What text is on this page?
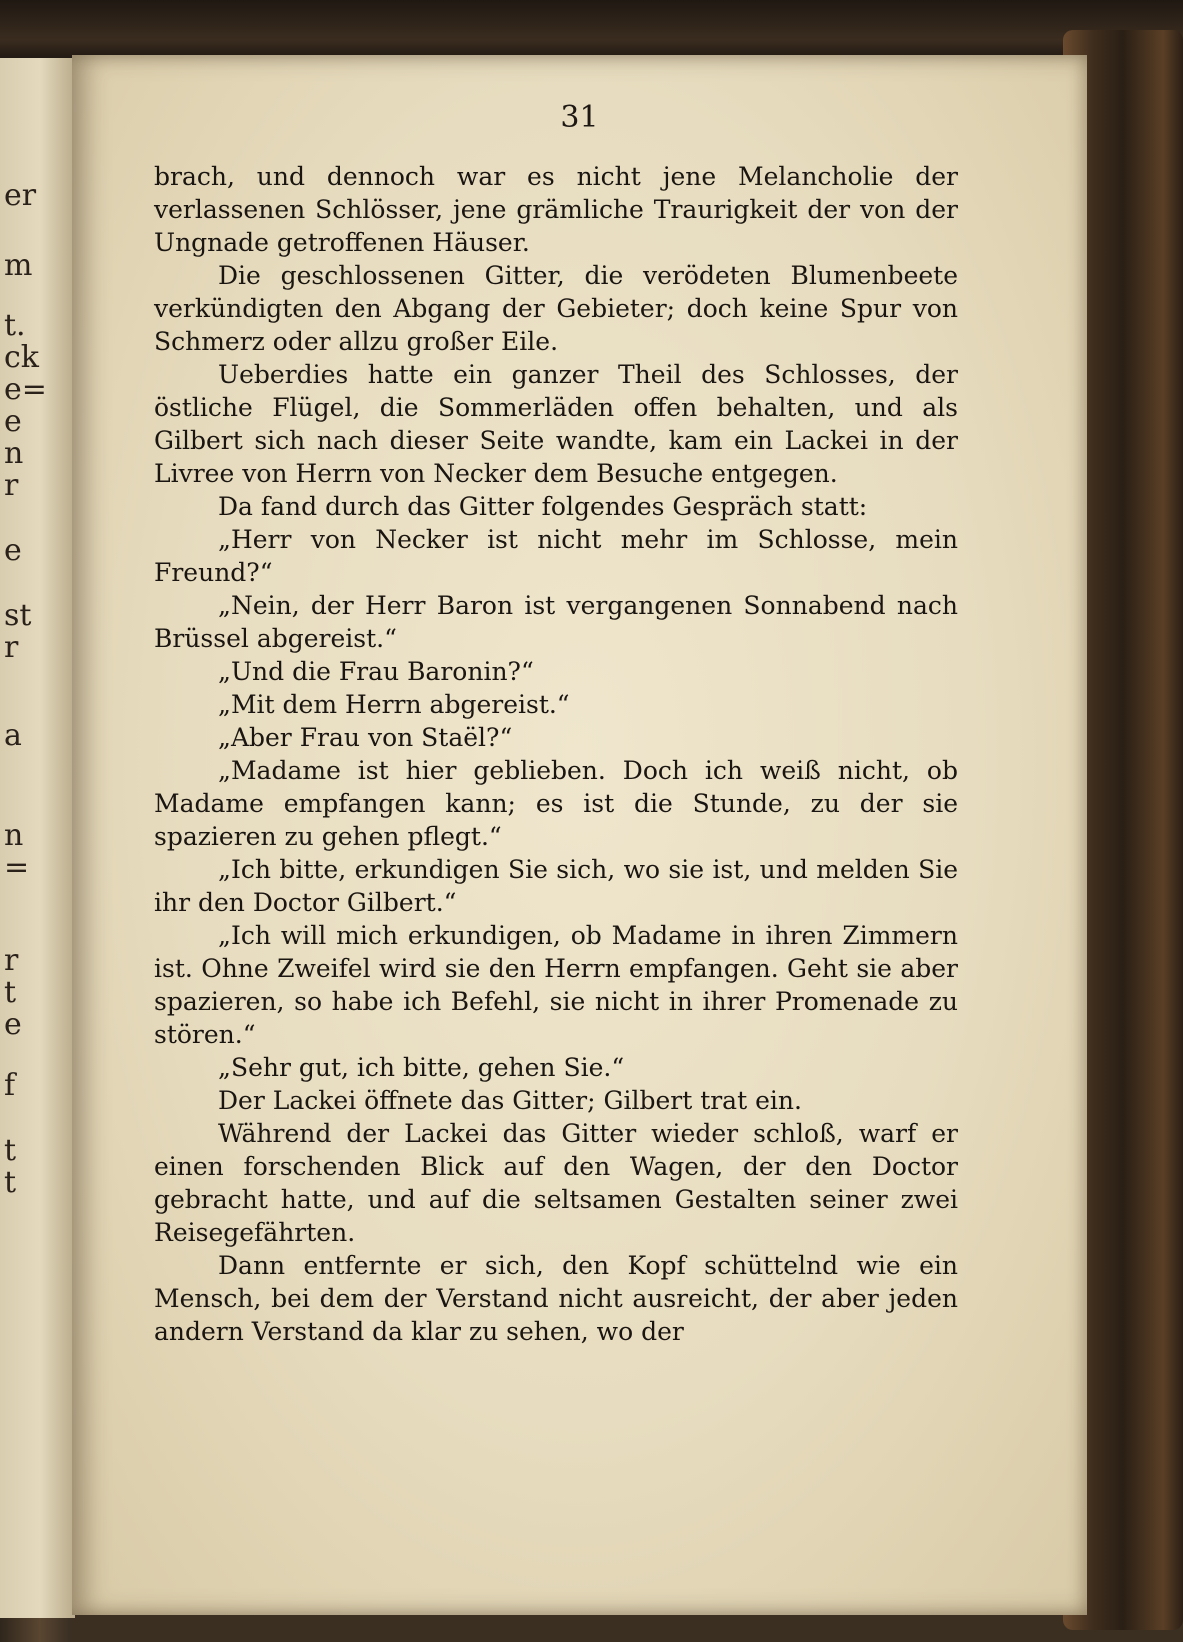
er
m
t.
ck
e=
e
n
r
e
st
r
a
n
=
r
t
e
f
t
t
31

brach, und dennoch war es nicht jene Melancholie der verlassenen Schlösser, jene grämliche Traurigkeit der von der Ungnade getroffenen Häuser.

Die geschlossenen Gitter, die verödeten Blumenbeete verkündigten den Abgang der Gebieter; doch keine Spur von Schmerz oder allzu großer Eile.

Ueberdies hatte ein ganzer Theil des Schlosses, der östliche Flügel, die Sommerläden offen behalten, und als Gilbert sich nach dieser Seite wandte, kam ein Lackei in der Livree von Herrn von Necker dem Besuche entgegen.

Da fand durch das Gitter folgendes Gespräch statt:

„Herr von Necker ist nicht mehr im Schlosse, mein Freund?“

„Nein, der Herr Baron ist vergangenen Sonnabend nach Brüssel abgereist.“

„Und die Frau Baronin?“

„Mit dem Herrn abgereist.“

„Aber Frau von Staël?“

„Madame ist hier geblieben. Doch ich weiß nicht, ob Madame empfangen kann; es ist die Stunde, zu der sie spazieren zu gehen pflegt.“

„Ich bitte, erkundigen Sie sich, wo sie ist, und melden Sie ihr den Doctor Gilbert.“

„Ich will mich erkundigen, ob Madame in ihren Zimmern ist. Ohne Zweifel wird sie den Herrn empfangen. Geht sie aber spazieren, so habe ich Befehl, sie nicht in ihrer Promenade zu stören.“

„Sehr gut, ich bitte, gehen Sie.“

Der Lackei öffnete das Gitter; Gilbert trat ein.

Während der Lackei das Gitter wieder schloß, warf er einen forschenden Blick auf den Wagen, der den Doctor gebracht hatte, und auf die seltsamen Gestalten seiner zwei Reisegefährten.

Dann entfernte er sich, den Kopf schüttelnd wie ein Mensch, bei dem der Verstand nicht ausreicht, der aber jeden andern Verstand da klar zu sehen, wo der
